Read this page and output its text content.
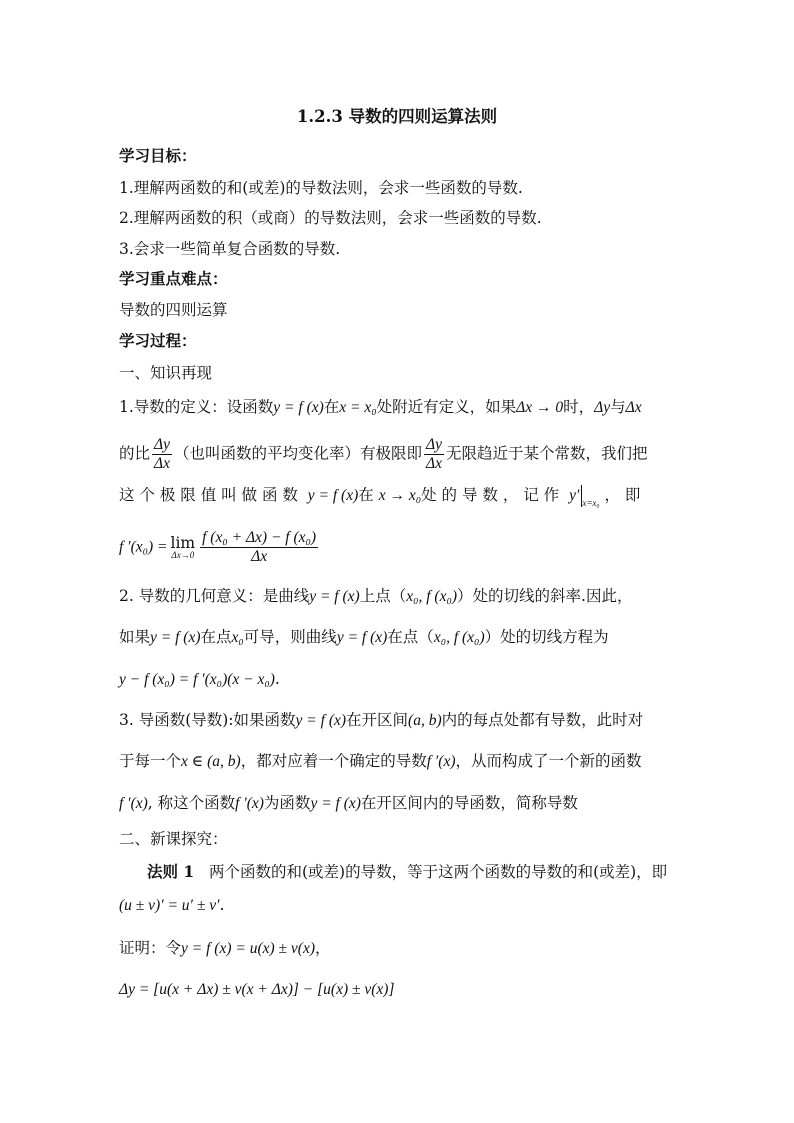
1.2.3 导数的四则运算法则
学习目标：
1.理解两函数的和(或差)的导数法则，会求一些函数的导数.
2.理解两函数的积（或商）的导数法则，会求一些函数的导数.
3.会求一些简单复合函数的导数.
学习重点难点：
导数的四则运算
学习过程：
一、知识再现
1.导数的定义：设函数y = f (x)在x = x₀处附近有定义，如果Δx → 0时，Δy与Δx
的比 $\frac{\Delta y}{\Delta x}$ （也叫函数的平均变化率）有极限即 $\frac{\Delta y}{\Delta x}$ 无限趋近于某个常数，我们把
这 个 极 限 值 叫 做 函 数 y = f (x)在 x → x₀处 的 导 数 ， 记 作 y′ $_{x=x_0}$ ， 即
f ′(x₀) = lim
$\Delta x\to 0 \frac{\text{f (x₀ + Δx) − f (x₀)}}{\Delta x}$
2. 导数的几何意义：是曲线y = f (x)上点（x₀, f (x₀)）处的切线的斜率.因此，
如果y = f (x)在点x₀可导，则曲线y = f (x)在点（x₀, f (x₀)）处的切线方程为
y − f (x₀) = f ′(x₀)(x − x₀).
3. 导函数(导数):如果函数y = f (x)在开区间(a, b)内的每点处都有导数，此时对
于每一个x ∈ (a, b)，都对应着一个确定的导数f ′(x)，从而构成了一个新的函数
f ′(x), 称这个函数f ′(x)为函数y = f (x)在开区间内的导函数，简称导数
二、新课探究：
法则 1 两个函数的和(或差)的导数，等于这两个函数的导数的和(或差)，即
(u ± v)′ = u′ ± v′.
证明：令y = f (x) = u(x) ± v(x)，
Δy = [u(x + Δx) ± v(x + Δx)] − [u(x) ± v(x)]
